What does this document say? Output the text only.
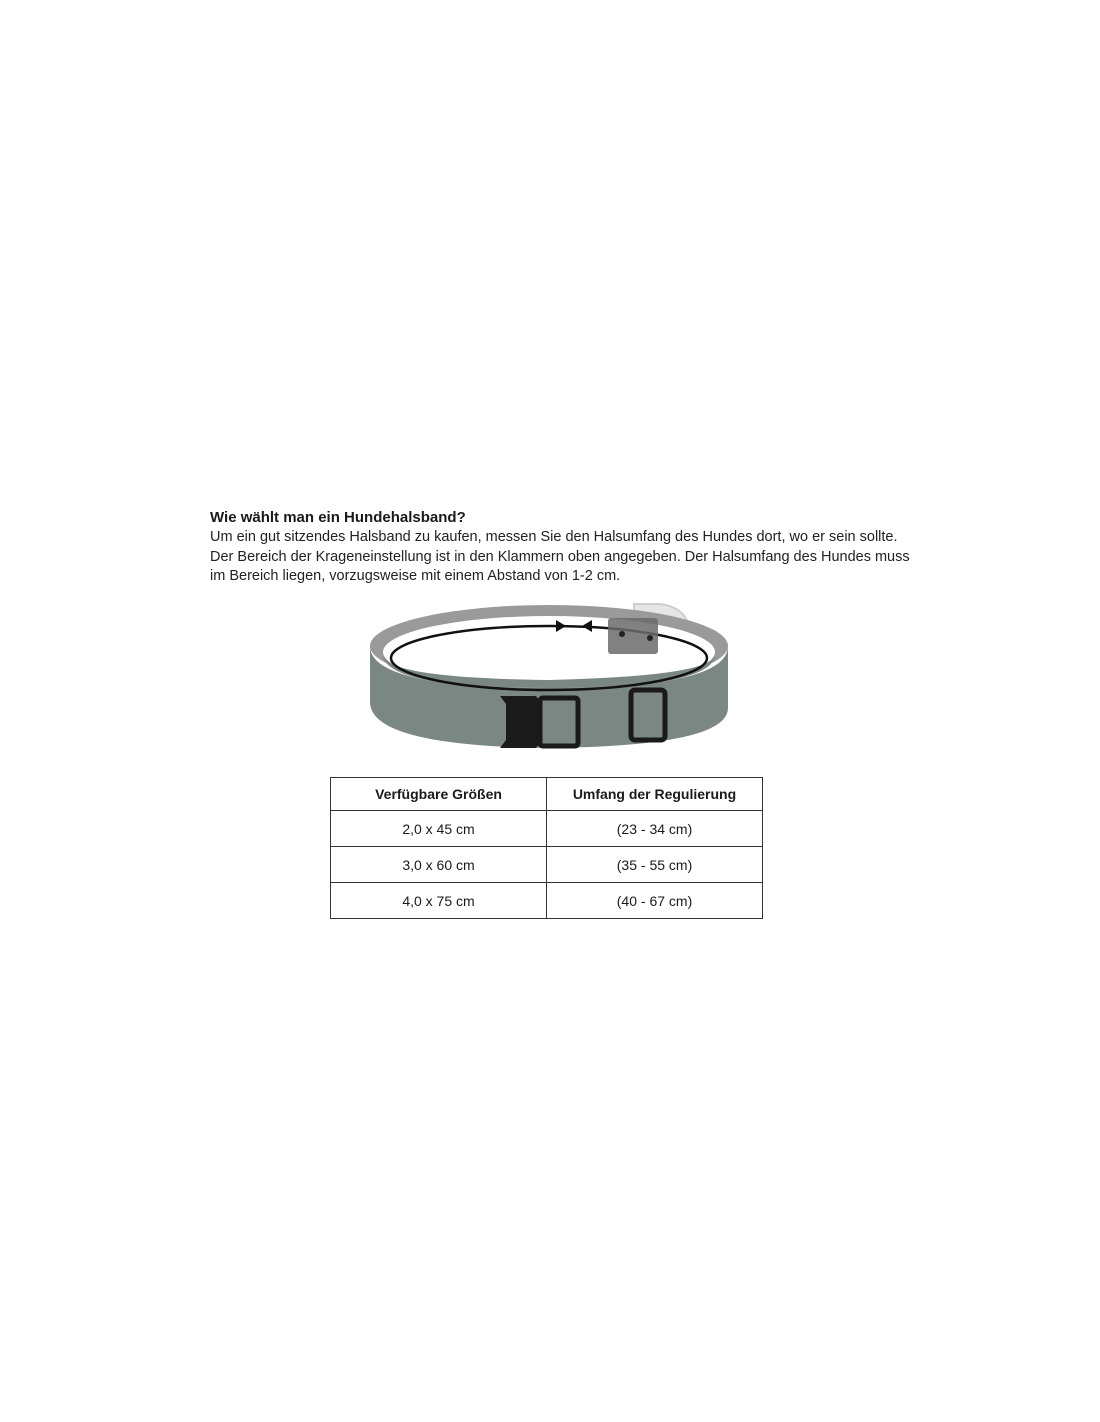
Wie wählt man ein Hundehalsband?

Um ein gut sitzendes Halsband zu kaufen, messen Sie den Halsumfang des Hundes dort, wo er sein sollte.

Der Bereich der Krageneinstellung ist in den Klammern oben angegeben. Der Halsumfang des Hundes muss

im Bereich liegen, vorzugsweise mit einem Abstand von 1-2 cm.

Verfügbare Größen	Umfang der Regulierung
2,0 x 45 cm	(23 - 34 cm)
3,0 x 60 cm	(35 - 55 cm)
4,0 x 75 cm	(40 - 67 cm)
